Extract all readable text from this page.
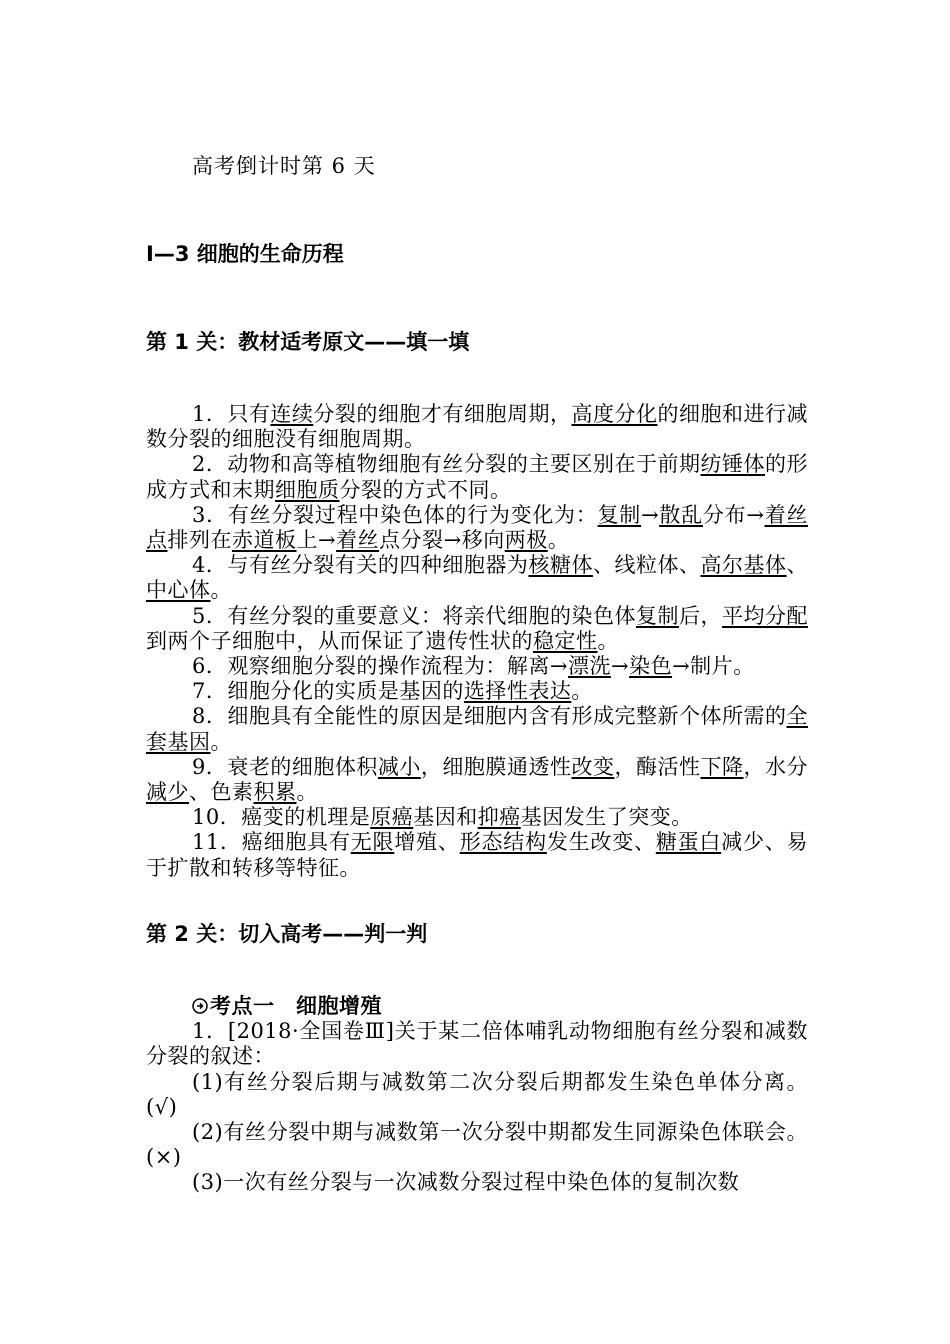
高考倒计时第 6 天
Ⅰ—3 细胞的生命历程
第 1 关：教材适考原文——填一填

1．只有连续分裂的细胞才有细胞周期，高度分化的细胞和进行减数分裂的细胞没有细胞周期。

2．动物和高等植物细胞有丝分裂的主要区别在于前期纺锤体的形成方式和末期细胞质分裂的方式不同。

3．有丝分裂过程中染色体的行为变化为：复制→散乱分布→着丝点排列在赤道板上→着丝点分裂→移向两极。

4．与有丝分裂有关的四种细胞器为核糖体、线粒体、高尔基体、中心体。

5．有丝分裂的重要意义：将亲代细胞的染色体复制后，平均分配到两个子细胞中，从而保证了遗传性状的稳定性。

6．观察细胞分裂的操作流程为：解离→漂洗→染色→制片。

7．细胞分化的实质是基因的选择性表达。

8．细胞具有全能性的原因是细胞内含有形成完整新个体所需的全套基因。

9．衰老的细胞体积减小，细胞膜通透性改变，酶活性下降，水分减少、色素积累。

10．癌变的机理是原癌基因和抑癌基因发生了突变。

11．癌细胞具有无限增殖、形态结构发生改变、糖蛋白减少、易于扩散和转移等特征。

第 2 关：切入高考——判一判

考点一　细胞增殖

1．[2018·全国卷Ⅲ]关于某二倍体哺乳动物细胞有丝分裂和减数分裂的叙述：

(1)有丝分裂后期与减数第二次分裂后期都发生染色单体分离。(√)

(2)有丝分裂中期与减数第一次分裂中期都发生同源染色体联会。(×)

(3)一次有丝分裂与一次减数分裂过程中染色体的复制次数
